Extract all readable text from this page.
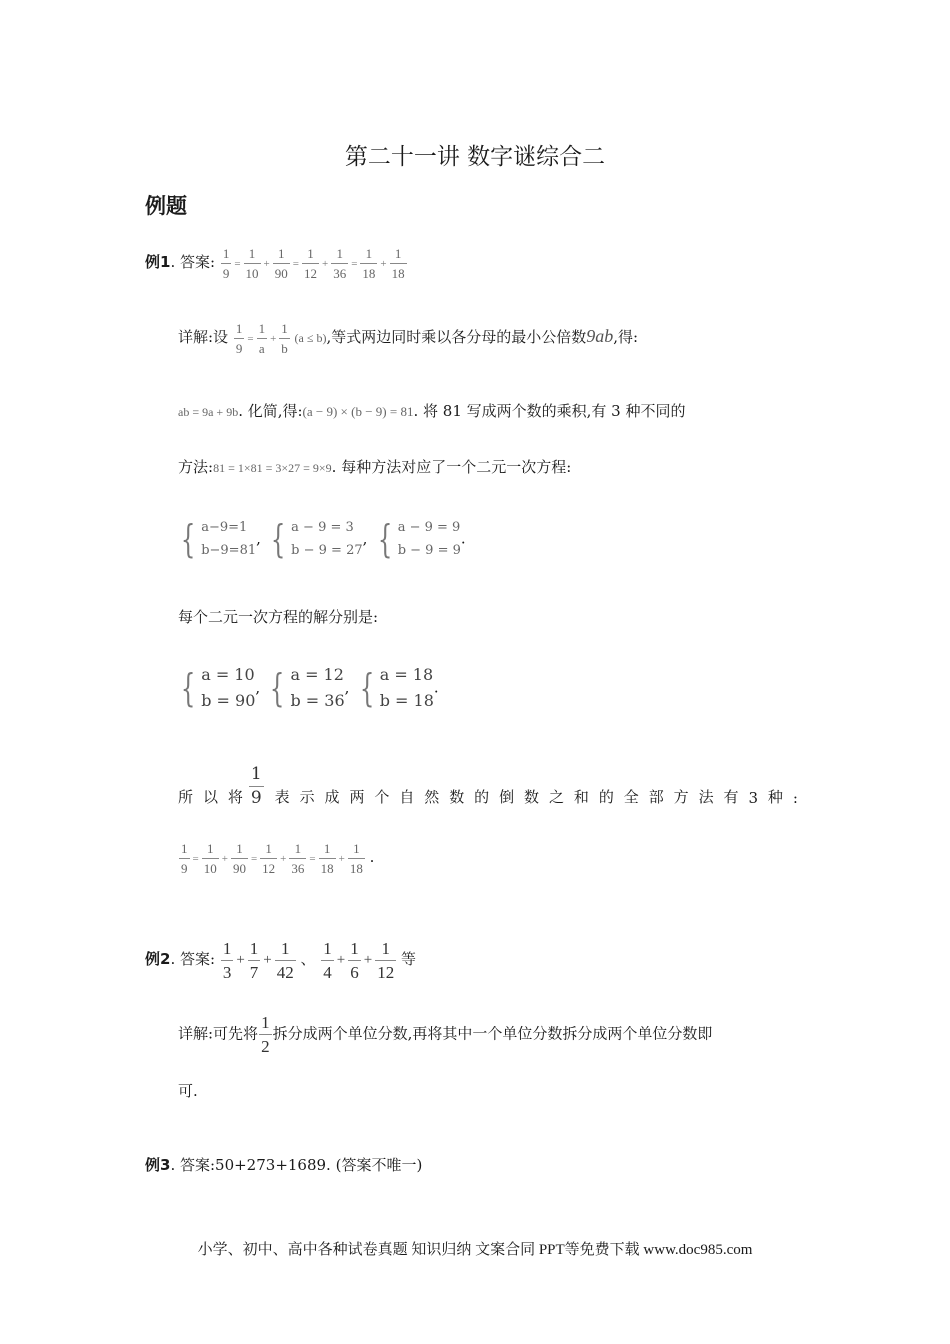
第二十一讲 数字谜综合二
例题
例1. 答案: $\frac{1}{9} = \frac{1}{10} + \frac{1}{90} = \frac{1}{12} + \frac{1}{36} = \frac{1}{18} + \frac{1}{18}$
详解:设 $\frac{1}{9} = \frac{1}{a} + \frac{1}{b} (a \le b)$,等式两边同时乘以各分母的最小公倍数9ab,得:
ab = 9a + 9b. 化简,得:(a − 9) × (b − 9) = 81. 将 81 写成两个数的乘积,有 3 种不同的
方法:81 = 1×81 = 3×27 = 9×9. 每种方法对应了一个二元一次方程:
{ a−9=1
b−9=81
, { a − 9 = 3
b − 9 = 27
, { a − 9 = 9
b − 9 = 9
.
每个二元一次方程的解分别是:
{ a = 10
b = 90
, { a = 12
b = 36
, { a = 18
b = 18
.
所 以 将 $\frac{1}{9}$ 表 示 成 两 个 自 然 数 的 倒 数 之 和 的 全 部 方 法 有 3 种 :
$\frac{1}{9} = \frac{1}{10} + \frac{1}{90} = \frac{1}{12} + \frac{1}{36} = \frac{1}{18} + \frac{1}{18}$ .
例2. 答案: $\frac{1}{3} + \frac{1}{7} + \frac{1}{42}$ 、 $\frac{1}{4} + \frac{1}{6} + \frac{1}{12}$ 等
详解:可先将 $\frac{1}{2}$ 拆分成两个单位分数,再将其中一个单位分数拆分成两个单位分数即
可.
例3. 答案:50+273+1689. (答案不唯一)
小学、初中、高中各种试卷真题 知识归纳 文案合同 PPT等免费下载 www.doc985.com
